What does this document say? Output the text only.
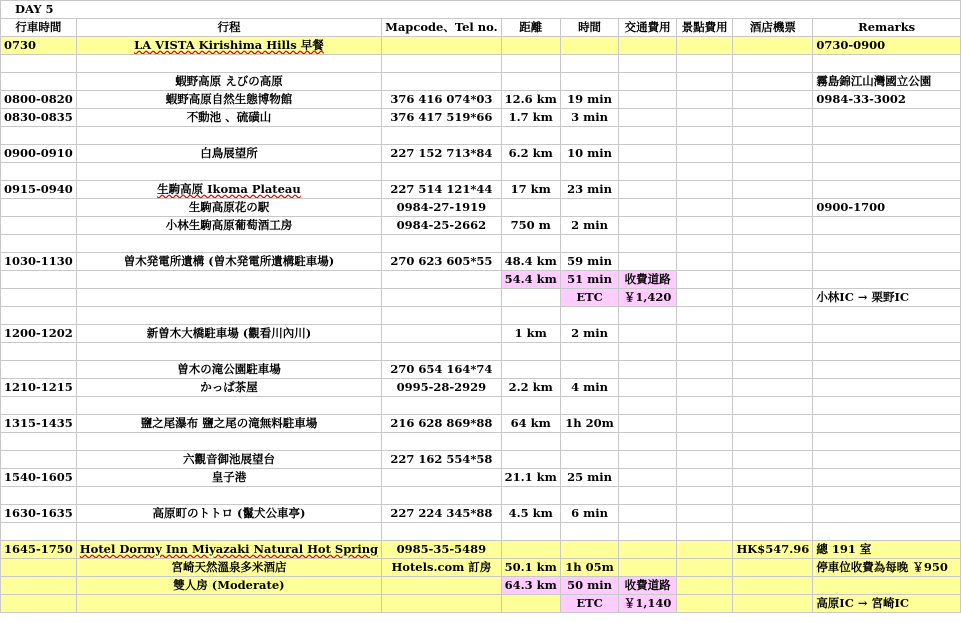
DAY 5								
行車時間	行程	Mapcode、Tel no.	距離	時間	交通費用	景點費用	酒店機票	Remarks
0730	LA VISTA Kirishima Hills 早餐							0730-0900

	蝦野高原 えびの高原							霧島錦江山灣國立公園
0800-0820	蝦野高原自然生態博物館	376 416 074*03	12.6 km	19 min				0984-33-3002
0830-0835	不動池 、硫磺山	376 417 519*66	1.7 km	3 min				

0900-0910	白鳥展望所	227 152 713*84	6.2 km	10 min				

0915-0940	生駒高原 Ikoma Plateau	227 514 121*44	17 km	23 min				
	生駒高原花の駅	0984-27-1919						0900-1700
	小林生駒高原葡萄酒工房	0984-25-2662	750 m	2 min				

1030-1130	曽木発電所遺構 (曽木発電所遺構駐車場)	270 623 605*55	48.4 km	59 min				
			54.4 km	51 min	收費道路			
				ETC	￥1,420			小林IC → 栗野IC

1200-1202	新曽木大橋駐車場 (觀看川內川)		1 km	2 min				

	曽木の滝公園駐車場	270 654 164*74						
1210-1215	かっぱ茶屋	0995-28-2929	2.2 km	4 min				

1315-1435	鹽之尾瀑布 鹽之尾の滝無料駐車場	216 628 869*88	64 km	1h 20m				

	六觀音御池展望台	227 162 554*58						
1540-1605	皇子港		21.1 km	25 min				

1630-1635	高原町のトトロ (鬣犬公車亭)	227 224 345*88	4.5 km	6 min				

1645-1750	Hotel Dormy Inn Miyazaki Natural Hot Spring	0985-35-5489					HK$547.96	總 191 室
	宮崎天然溫泉多米酒店	Hotels.com 訂房	50.1 km	1h 05m				停車位收費為每晚 ￥950
	雙人房 (Moderate)		64.3 km	50 min	收費道路			
				ETC	￥1,140			高原IC → 宮崎IC
